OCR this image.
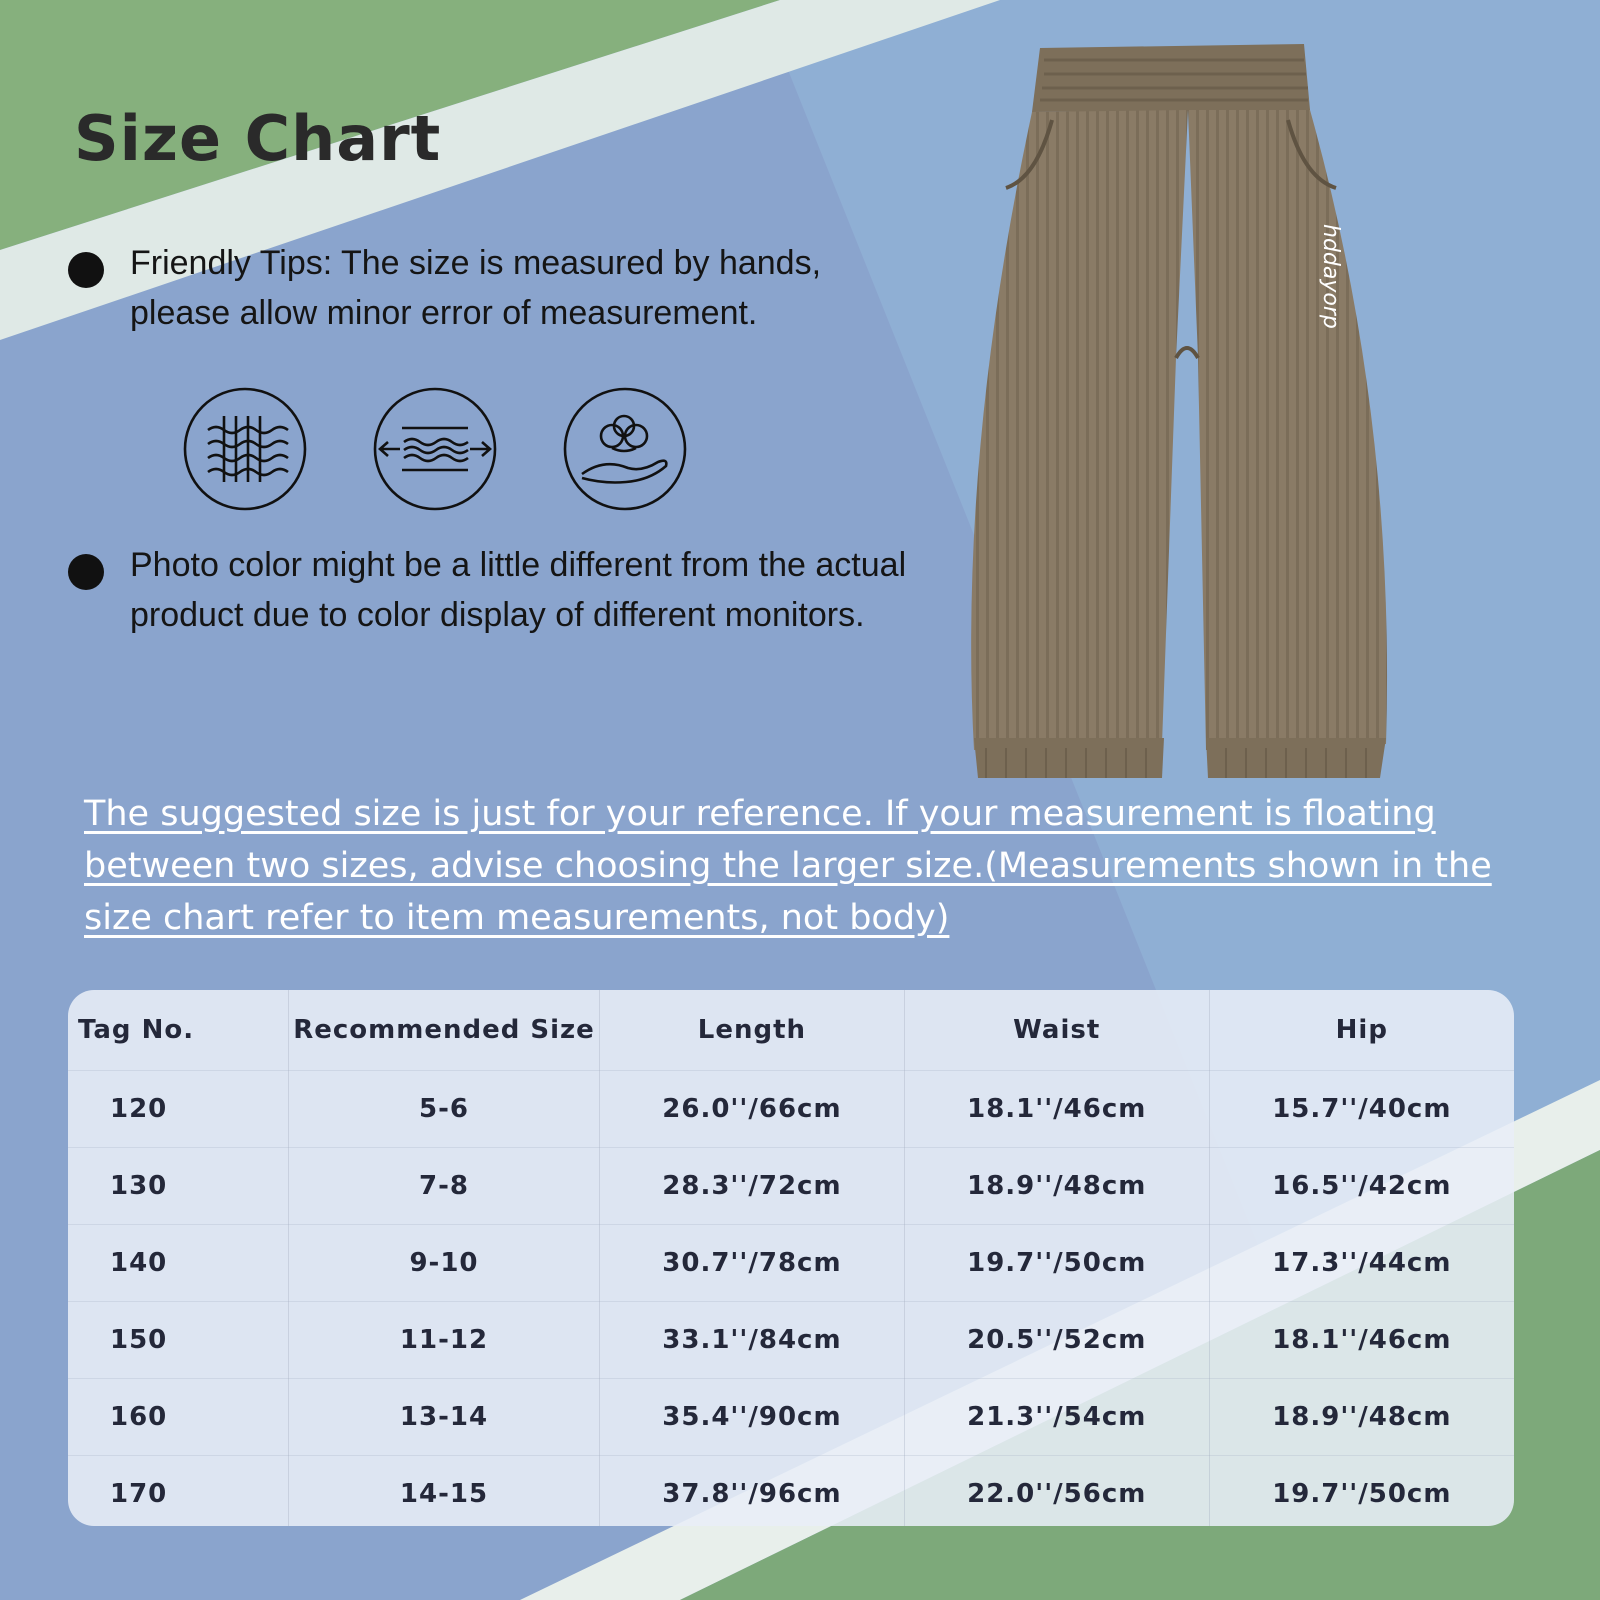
Size Chart

Friendly Tips: The size is measured by hands, please allow minor error of measurement.

Photo color might be a little different from the actual product due to color display of different monitors.

hddayorp

The suggested size is just for your reference. If your measurement is floating between two sizes, advise choosing the larger size.(Measurements shown in the size chart refer to item measurements, not body)

Tag No.	Recommended Size	Length	Waist	Hip
120	5-6	26.0''/66cm	18.1''/46cm	15.7''/40cm
130	7-8	28.3''/72cm	18.9''/48cm	16.5''/42cm
140	9-10	30.7''/78cm	19.7''/50cm	17.3''/44cm
150	11-12	33.1''/84cm	20.5''/52cm	18.1''/46cm
160	13-14	35.4''/90cm	21.3''/54cm	18.9''/48cm
170	14-15	37.8''/96cm	22.0''/56cm	19.7''/50cm
